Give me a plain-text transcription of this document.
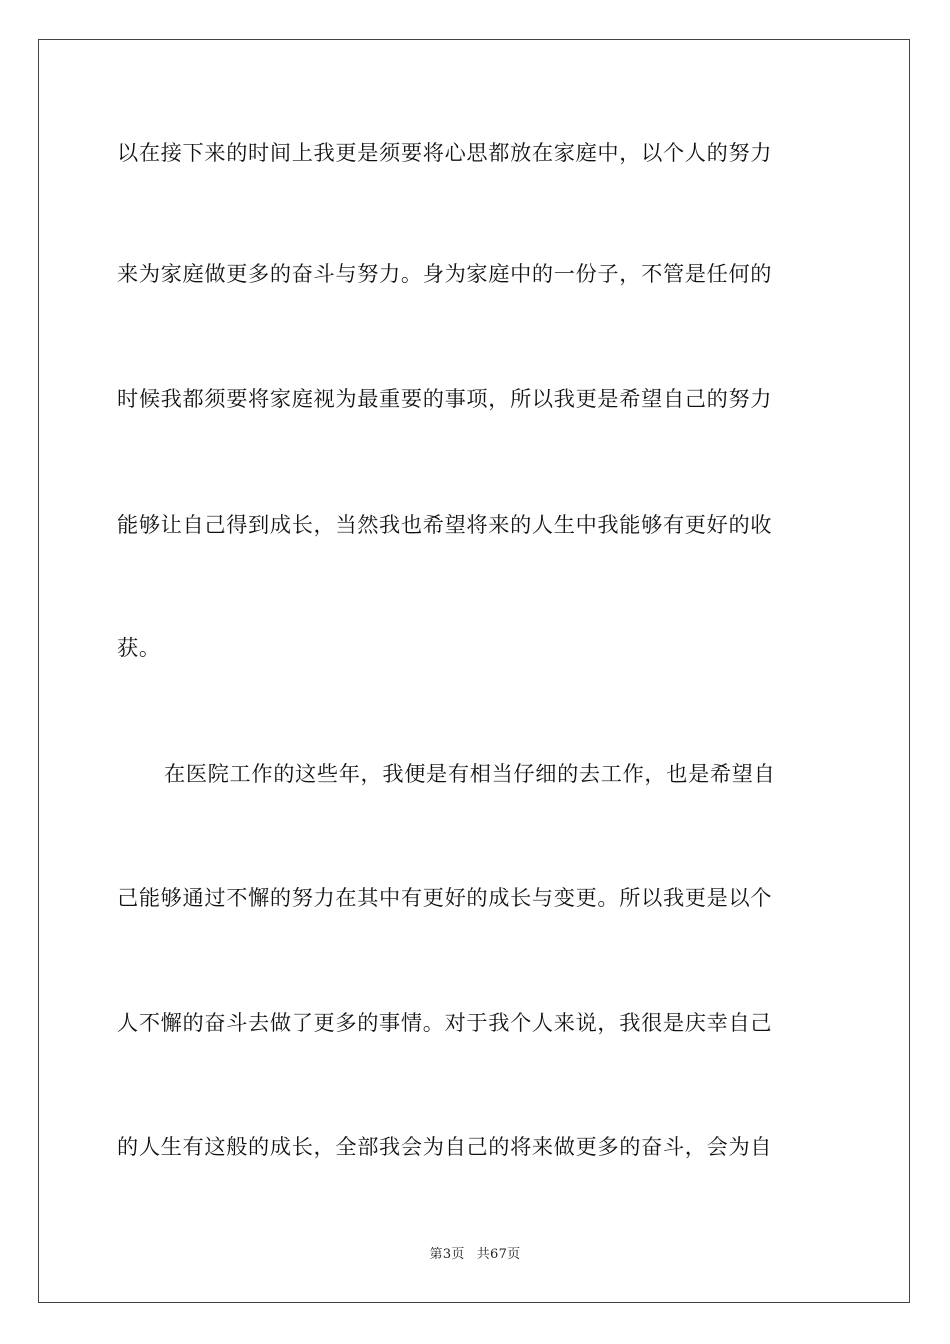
以在接下来的时间上我更是须要将心思都放在家庭中，以个人的努力
来为家庭做更多的奋斗与努力。身为家庭中的一份子，不管是任何的
时候我都须要将家庭视为最重要的事项，所以我更是希望自己的努力
能够让自己得到成长，当然我也希望将来的人生中我能够有更好的收
获。
在医院工作的这些年，我便是有相当仔细的去工作，也是希望自
己能够通过不懈的努力在其中有更好的成长与变更。所以我更是以个
人不懈的奋斗去做了更多的事情。对于我个人来说，我很是庆幸自己
的人生有这般的成长，全部我会为自己的将来做更多的奋斗，会为自
第3页 共67页
